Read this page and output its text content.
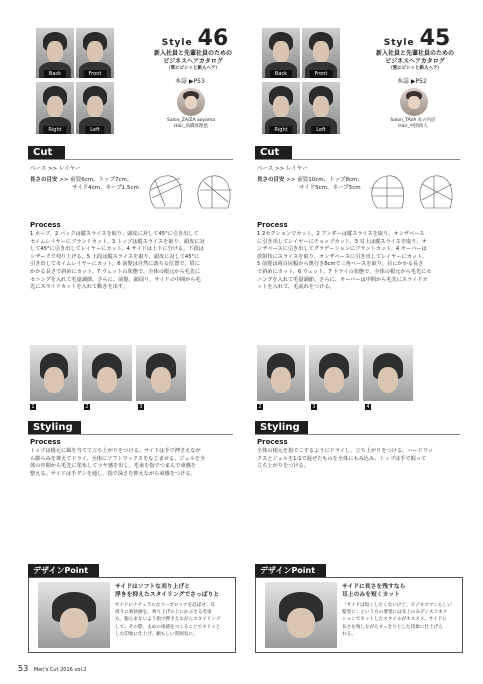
Back	Front
Right	Left
Style 46
新入社員と先輩社員のための
ビジネスヘアカタログ
（常にピシッと新人ヘア）
本誌 ▶P53
Salon_ZA/ZA aoyama
Hair_高橋真理恵
Cut
ベース >> レイヤー
長さの目安 >> 前髪6cm、トップ7cm、
サイド4cm、ネープ1.5cm
Process
1 ネープ。2 バックは縦スライスを取り、頭皮に対して45°に引き出して
セイムレイヤーにブラントカット。3 トップは縦スライスを取り、頭皮に対
して45°に引き出してレイヤーにカット。4 サイドは上下に分ける。下段は
シザーズで刈り上げる。5 上段は縦スライスを取り、頭皮に対して45°に
引き出してセイムレイヤーにカット。6 前髪は自然に落ちる位置で、眉に
かかる長さで斜めにカット。7 ウェットの状態で、全体の根元から毛先に
セニングを入れて毛量調節。さらに、前髪、顔周り、サイドの中間から毛
先にスライドカットを入れて動きを出す。
1	2	3
Styling
Process
トップは根元に風を当てて立ち上がりをつける。サイドは手で押さえなが
ら膨らみを抑えてドライ。全体にソフトワックスをなじませる。ジェルを全
体の中間から毛先に塗布してツヤ感を出し、毛束を指でつまんで束感を
整える。サイドは手グシを通し、指で深さを抑えながら束感をつける。
デザインPoint
サイドはソフトな刈り上げと
浮きを抑えたスタイリングでさっぱりと
サイドにナチュラルなツーブロックを忍ばせ、耳
周りに爽快感を。刈り上げの上にかぶさる毛束
も、膨らまないよう指で押さえながらスタイリング
して。その際、太めの束感をつくることでキリッと
した印象に仕上げ、頼もしい雰囲気に。
Back	Front
Right	Left
Style 45
新入社員と先輩社員のための
ビジネスヘアカタログ
（常にピシッと新人ヘア）
本誌 ▶P52
Salon_TAVA 丸の内店
Hair_中園貴人
Cut
ベース >> レイヤー
長さの目安 >> 前髪10cm、トップ8cm、
サイド5cm、ネープ5cm
Process
1 2セクションでカット。2 アンダーは縦スライスを取り、オンザベース
に引き出してレイヤーにチョップカット。3 耳上は縦スライスを取り、オ
ンザベースに引き出してグラデーションにブラントカット。4 オーバーは
放射状にスライスを取り、オンザベースに引き出してレイヤーにカット。
5 前髪は両目尻幅から奥行き8cmで三角ベースを取り、目にかかる長さ
で斜めにカット。6 ウェット。7 ドライの状態で、全体の根元から毛先にセ
ニングを入れて毛量調節。さらに、オーバーは中間から毛先にスライドカ
ットを入れて、毛流れをつける。
2	3	4
Styling
Process
全体の根元を指でこするようにドライし、立ち上がりをつける。ハードワッ
クスとジェルを1:1で混ぜたものを全体にもみ込み、トップは手で握って
立ち上がりをつける。
デザインPoint
サイドに長さを残すなら
耳上のみを短くカット
「サイドは短くしたくないけど、ビジネスマンらしい
髪型に」という方の要望には耳上のみディスコネク
ションでカットしたスタイルがオススメ。サイドに
長さを残しながらすっきりとした印象に仕上げら
れる。
53 Men's Cut 2016 vol.2
